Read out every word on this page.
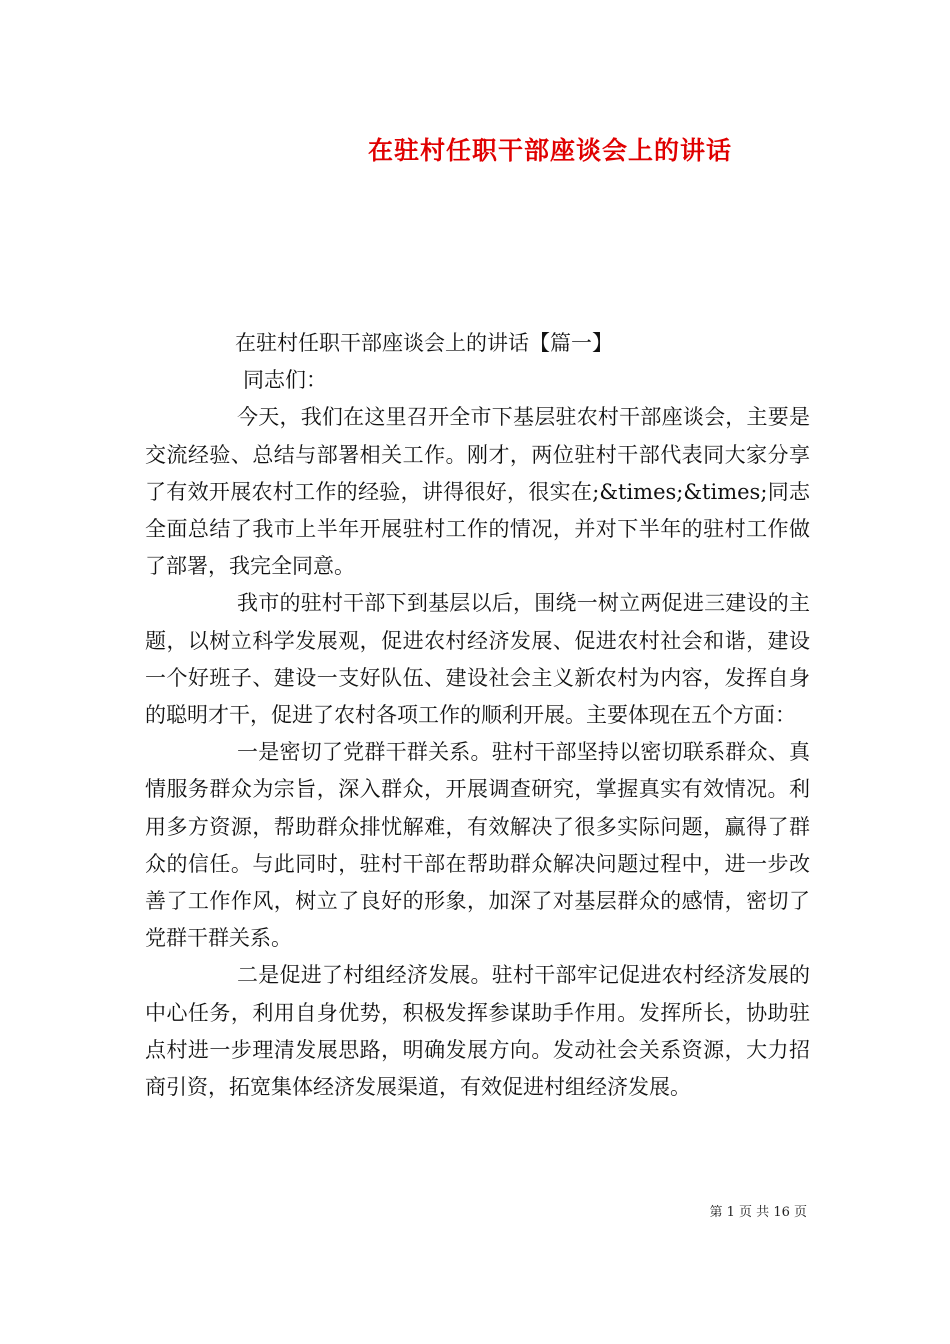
在驻村任职干部座谈会上的讲话

在驻村任职干部座谈会上的讲话【篇一】

同志们：

今天，我们在这里召开全市下基层驻农村干部座谈会，主要是交流经验、总结与部署相关工作。刚才，两位驻村干部代表同大家分享了有效开展农村工作的经验，讲得很好，很实在;&times;&times;同志全面总结了我市上半年开展驻村工作的情况，并对下半年的驻村工作做了部署，我完全同意。

我市的驻村干部下到基层以后，围绕一树立两促进三建设的主题，以树立科学发展观，促进农村经济发展、促进农村社会和谐，建设一个好班子、建设一支好队伍、建设社会主义新农村为内容，发挥自身的聪明才干，促进了农村各项工作的顺利开展。主要体现在五个方面：

一是密切了党群干群关系。驻村干部坚持以密切联系群众、真情服务群众为宗旨，深入群众，开展调查研究，掌握真实有效情况。利用多方资源，帮助群众排忧解难，有效解决了很多实际问题，赢得了群众的信任。与此同时，驻村干部在帮助群众解决问题过程中，进一步改善了工作作风，树立了良好的形象，加深了对基层群众的感情，密切了党群干群关系。

二是促进了村组经济发展。驻村干部牢记促进农村经济发展的中心任务，利用自身优势，积极发挥参谋助手作用。发挥所长，协助驻点村进一步理清发展思路，明确发展方向。发动社会关系资源，大力招商引资，拓宽集体经济发展渠道，有效促进村组经济发展。

第 1 页 共 16 页
